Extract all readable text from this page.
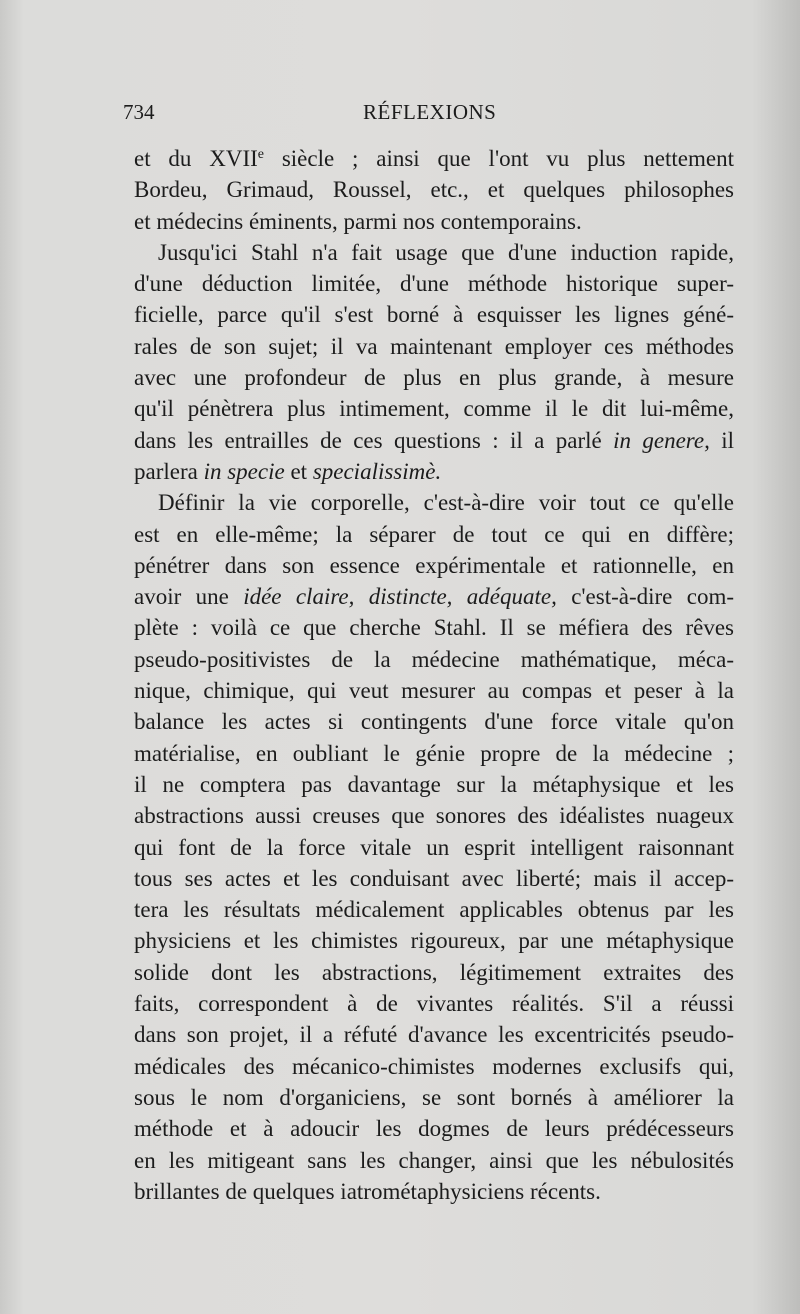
734	RÉFLEXIONS
et du XVIIe siècle ; ainsi que l'ont vu plus nettement
Bordeu, Grimaud, Roussel, etc., et quelques philosophes
et médecins éminents, parmi nos contemporains.
Jusqu'ici Stahl n'a fait usage que d'une induction rapide,
d'une déduction limitée, d'une méthode historique super-
ficielle, parce qu'il s'est borné à esquisser les lignes géné-
rales de son sujet; il va maintenant employer ces méthodes
avec une profondeur de plus en plus grande, à mesure
qu'il pénètrera plus intimement, comme il le dit lui-même,
dans les entrailles de ces questions : il a parlé in genere, il
parlera in specie et specialissimè.
Définir la vie corporelle, c'est-à-dire voir tout ce qu'elle
est en elle-même; la séparer de tout ce qui en diffère;
pénétrer dans son essence expérimentale et rationnelle, en
avoir une idée claire, distincte, adéquate, c'est-à-dire com-
plète : voilà ce que cherche Stahl. Il se méfiera des rêves
pseudo-positivistes de la médecine mathématique, méca-
nique, chimique, qui veut mesurer au compas et peser à la
balance les actes si contingents d'une force vitale qu'on
matérialise, en oubliant le génie propre de la médecine ;
il ne comptera pas davantage sur la métaphysique et les
abstractions aussi creuses que sonores des idéalistes nuageux
qui font de la force vitale un esprit intelligent raisonnant
tous ses actes et les conduisant avec liberté; mais il accep-
tera les résultats médicalement applicables obtenus par les
physiciens et les chimistes rigoureux, par une métaphysique
solide dont les abstractions, légitimement extraites des
faits, correspondent à de vivantes réalités. S'il a réussi
dans son projet, il a réfuté d'avance les excentricités pseudo-
médicales des mécanico-chimistes modernes exclusifs qui,
sous le nom d'organiciens, se sont bornés à améliorer la
méthode et à adoucir les dogmes de leurs prédécesseurs
en les mitigeant sans les changer, ainsi que les nébulosités
brillantes de quelques iatrométaphysiciens récents.
